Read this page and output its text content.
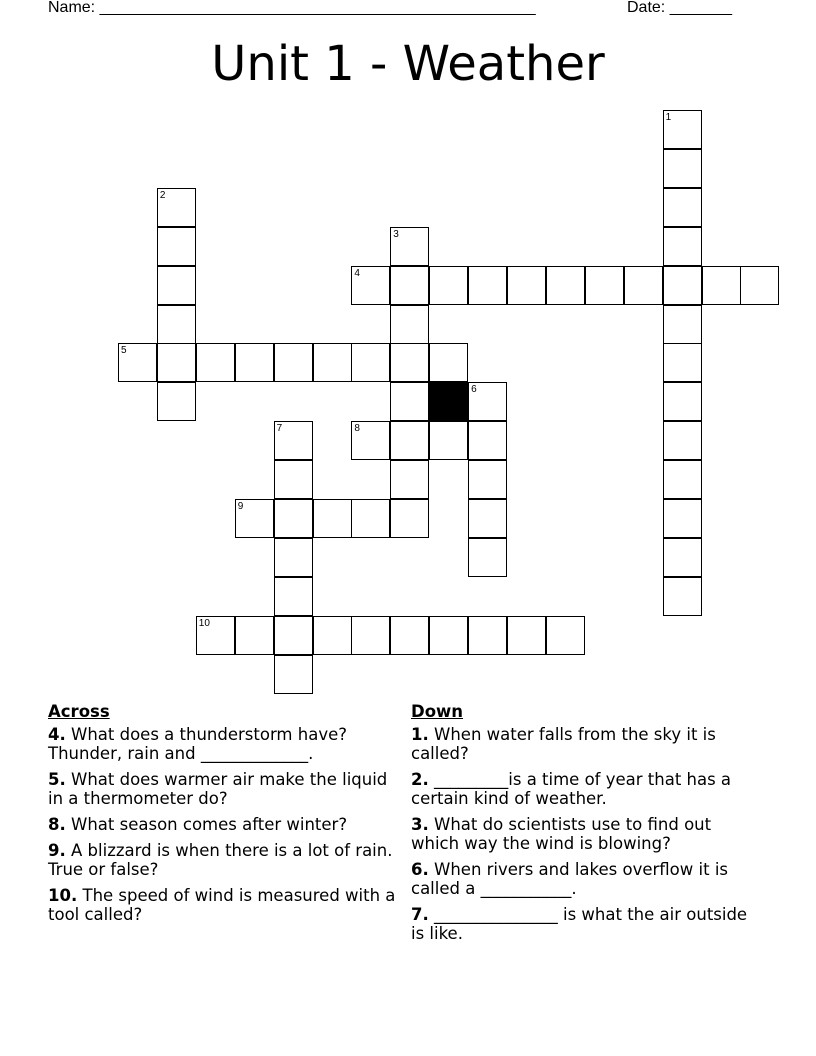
Name: _________________________________________________	Date: _______
Unit 1 - Weather
1
2
3
4
5
6
7	8
9
10
Across
4. What does a thunderstorm have? Thunder, rain and _____________.
5. What does warmer air make the liquid in a thermometer do?
8. What season comes after winter?
9. A blizzard is when there is a lot of rain. True or false?
10. The speed of wind is measured with a tool called?
Down
1. When water falls from the sky it is called?
2. _________is a time of year that has a certain kind of weather.
3. What do scientists use to find out which way the wind is blowing?
6. When rivers and lakes overflow it is called a ___________.
7. _______________ is what the air outside is like.
